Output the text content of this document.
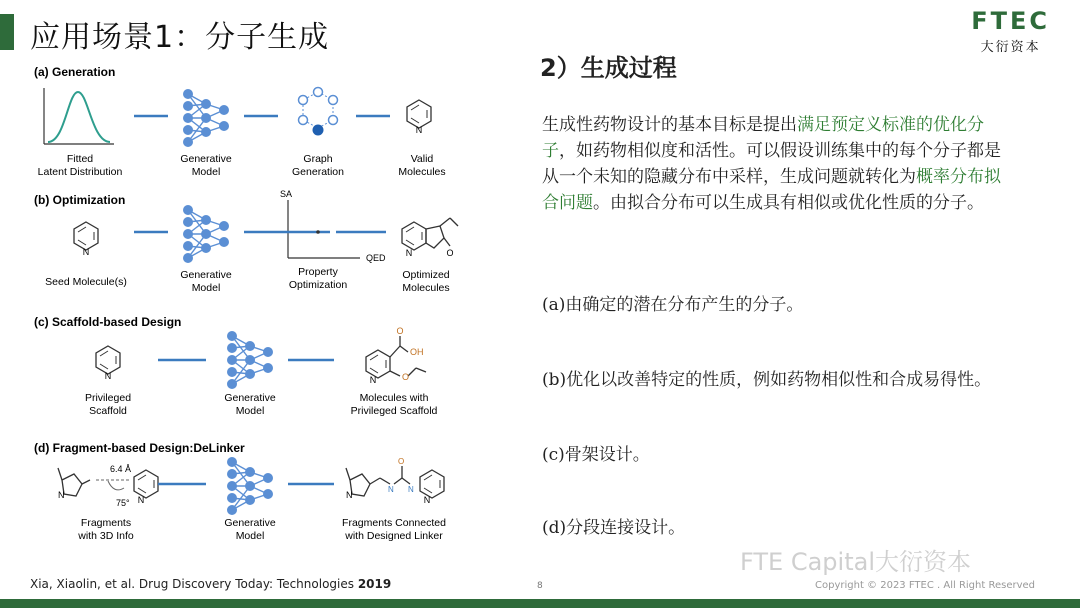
应用场景1：分子生成	FTEC
大衍资本
2）生成过程
生成性药物设计的基本目标是提出满足预定义标准的优化分子，如药物相似度和活性。可以假设训练集中的每个分子都是从一个未知的隐藏分布中采样，生成问题就转化为概率分布拟合问题。由拟合分布可以生成具有相似或优化性质的分子。
(a)由确定的潜在分布产生的分子。
(b)优化以改善特定的性质，例如药物相似性和合成易得性。
(c)骨架设计。
(d)分段连接设计。
(a) Generation
Fitted Latent Distribution
Generative Model
Graph Generation
N
Valid Molecules
(b) Optimization
N
Seed Molecule(s)
Generative Model
SA
QED
Property Optimization
N	O
Optimized Molecules
(c) Scaffold-based Design
N
Privileged Scaffold
Generative Model
O
OH
O
N
Molecules with Privileged Scaffold
(d) Fragment-based Design:DeLinker
6.4 Å
75°
N	N
Fragments with 3D Info
Generative Model
N
N N
O
N
Fragments Connected with Designed Linker
Xia, Xiaolin, et al. Drug Discovery Today: Technologies 2019	8
FTE Capital大衍资本
Copyright © 2023 FTEC . All Right Reserved
